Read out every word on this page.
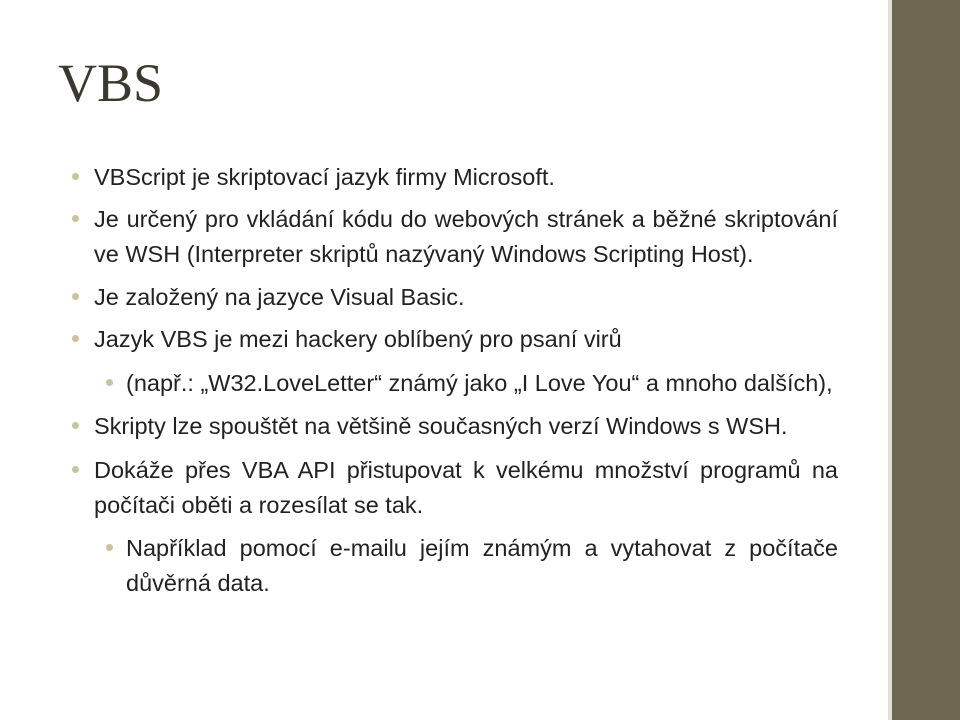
VBS
VBScript je skriptovací jazyk firmy Microsoft.
Je určený pro vkládání kódu do webových stránek a běžné skriptování ve WSH (Interpreter skriptů nazývaný Windows Scripting Host).
Je založený na jazyce Visual Basic.
Jazyk VBS je mezi hackery oblíbený pro psaní virů
(např.: „W32.LoveLetter“ známý jako „I Love You“ a mnoho dalších),
Skripty lze spouštět na většině současných verzí Windows s WSH.
Dokáže přes VBA API přistupovat k velkému množství programů na počítači oběti a rozesílat se tak.
Například pomocí e-mailu jejím známým a vytahovat z počítače důvěrná data.
